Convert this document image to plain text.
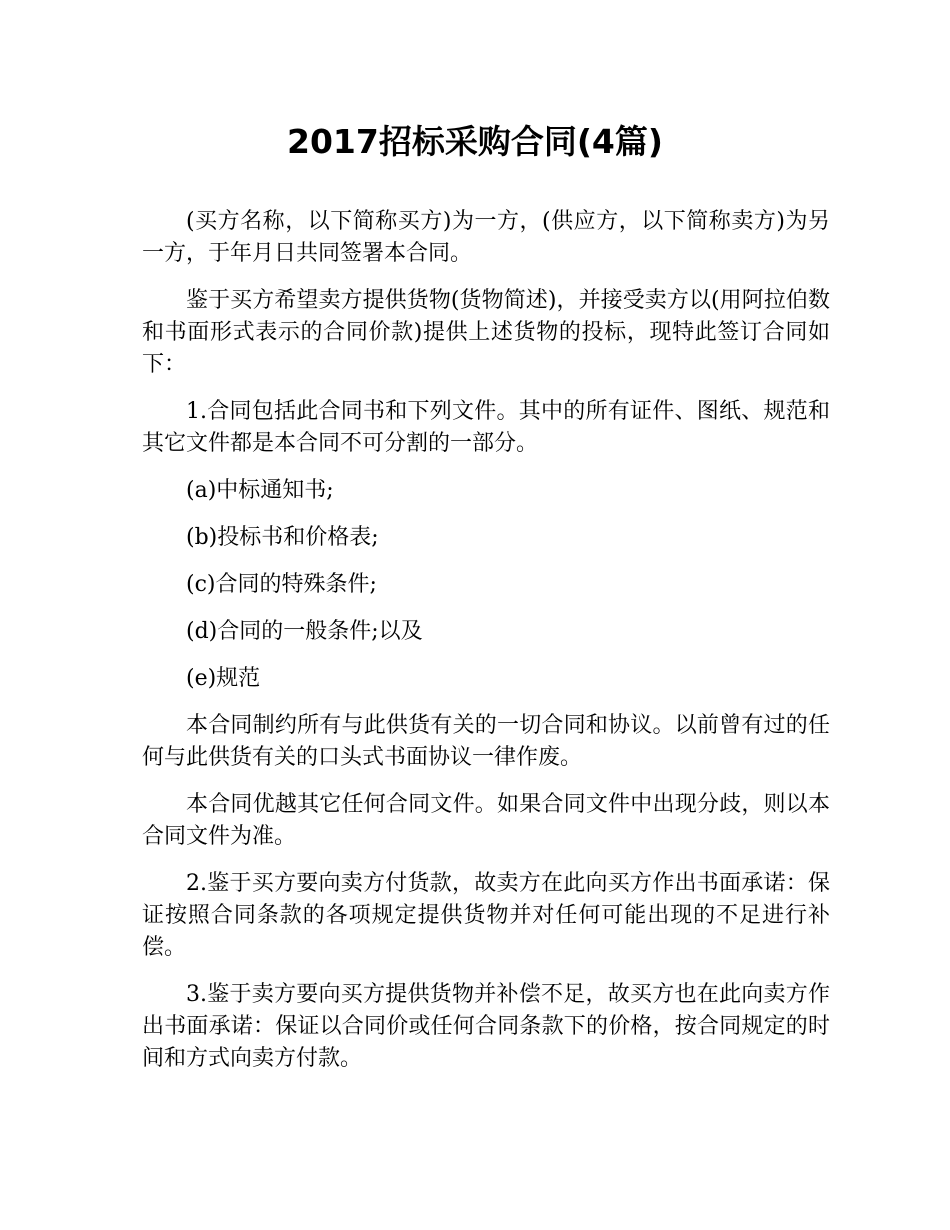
2017招标采购合同(4篇)

(买方名称，以下简称买方)为一方，(供应方，以下简称卖方)为另一方，于年月日共同签署本合同。

鉴于买方希望卖方提供货物(货物简述)，并接受卖方以(用阿拉伯数和书面形式表示的合同价款)提供上述货物的投标，现特此签订合同如下：

1.合同包括此合同书和下列文件。其中的所有证件、图纸、规范和其它文件都是本合同不可分割的一部分。

(a)中标通知书;

(b)投标书和价格表;

(c)合同的特殊条件;

(d)合同的一般条件;以及

(e)规范

本合同制约所有与此供货有关的一切合同和协议。以前曾有过的任何与此供货有关的口头式书面协议一律作废。

本合同优越其它任何合同文件。如果合同文件中出现分歧，则以本合同文件为准。

2.鉴于买方要向卖方付货款，故卖方在此向买方作出书面承诺：保证按照合同条款的各项规定提供货物并对任何可能出现的不足进行补偿。

3.鉴于卖方要向买方提供货物并补偿不足，故买方也在此向卖方作出书面承诺：保证以合同价或任何合同条款下的价格，按合同规定的时间和方式向卖方付款。
